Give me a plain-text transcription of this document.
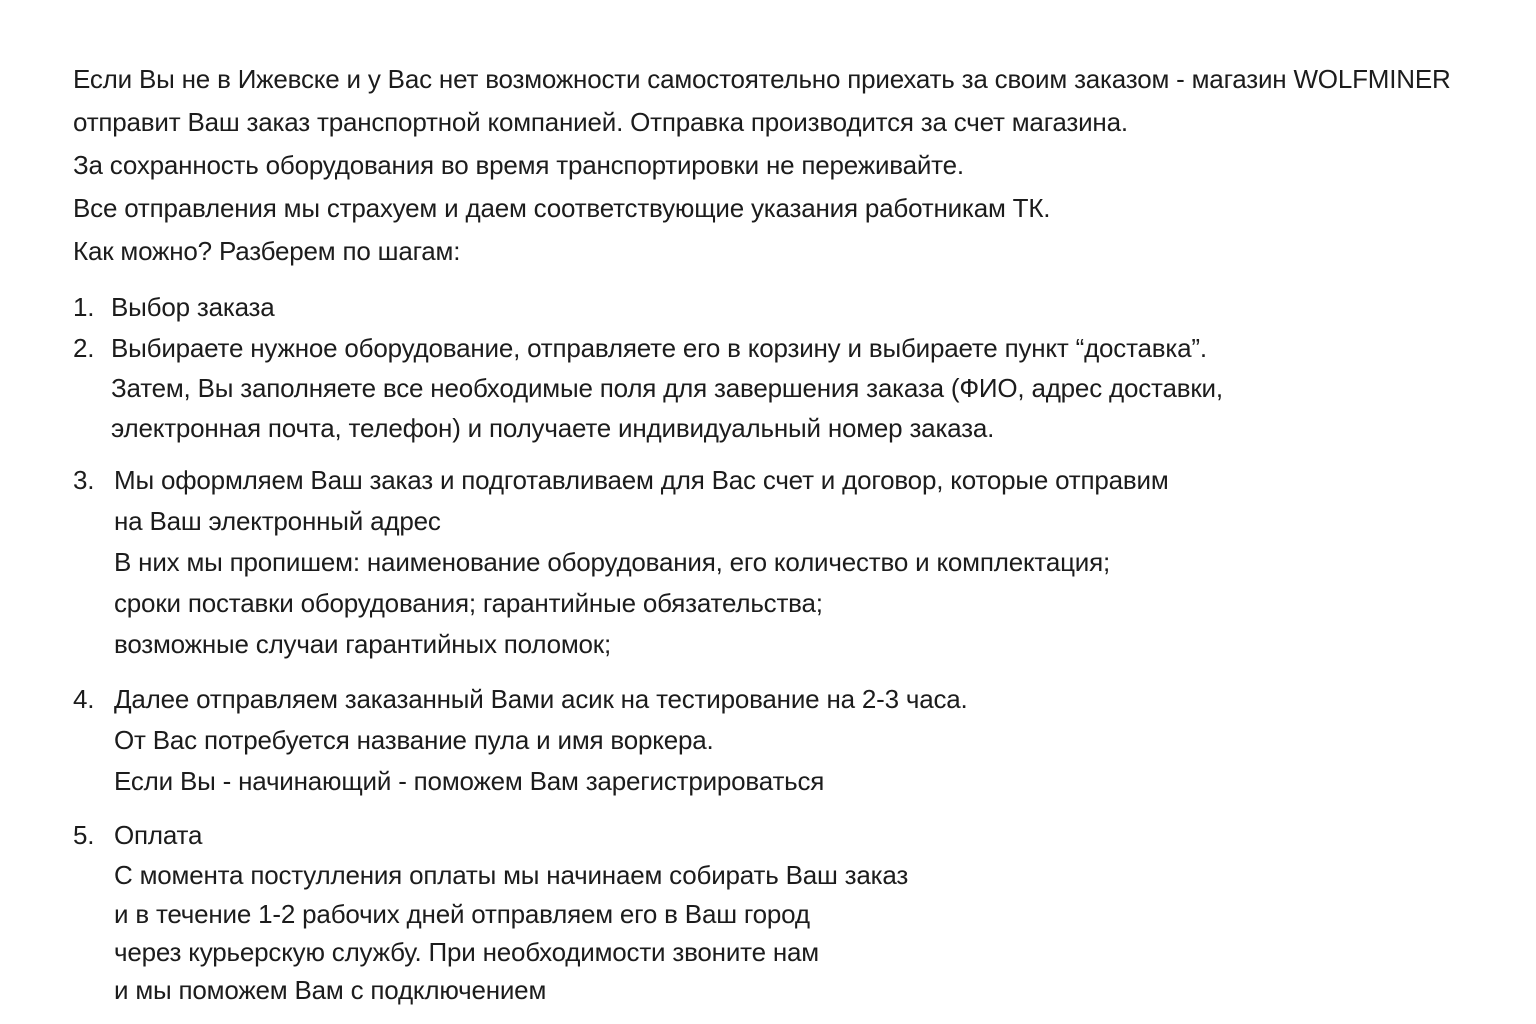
Если Вы не в Ижевске и у Вас нет возможности самостоятельно приехать за своим заказом - магазин WOLFMINER
отправит Ваш заказ транспортной компанией. Отправка производится за счет магазина.
За сохранность оборудования во время транспортировки не переживайте.
Все отправления мы страхуем и даем соответствующие указания работникам ТК.
Как можно? Разберем по шагам:
1. Выбор заказа
2. Выбираете нужное оборудование, отправляете его в корзину и выбираете пункт “доставка”.
Затем, Вы заполняете все необходимые поля для завершения заказа (ФИО, адрес доставки,
электронная почта, телефон) и получаете индивидуальный номер заказа.
3. Мы оформляем Ваш заказ и подготавливаем для Вас счет и договор, которые отправим
на Ваш электронный адрес
В них мы пропишем: наименование оборудования, его количество и комплектация;
сроки поставки оборудования; гарантийные обязательства;
возможные случаи гарантийных поломок;
4. Далее отправляем заказанный Вами асик на тестирование на 2-3 часа.
От Вас потребуется название пула и имя воркера.
Если Вы - начинающий - поможем Вам зарегистрироваться
5. Оплата
С момента постулления оплаты мы начинаем собирать Ваш заказ
и в течение 1-2 рабочих дней отправляем его в Ваш город
через курьерскую службу. При необходимости звоните нам
и мы поможем Вам с подключением
